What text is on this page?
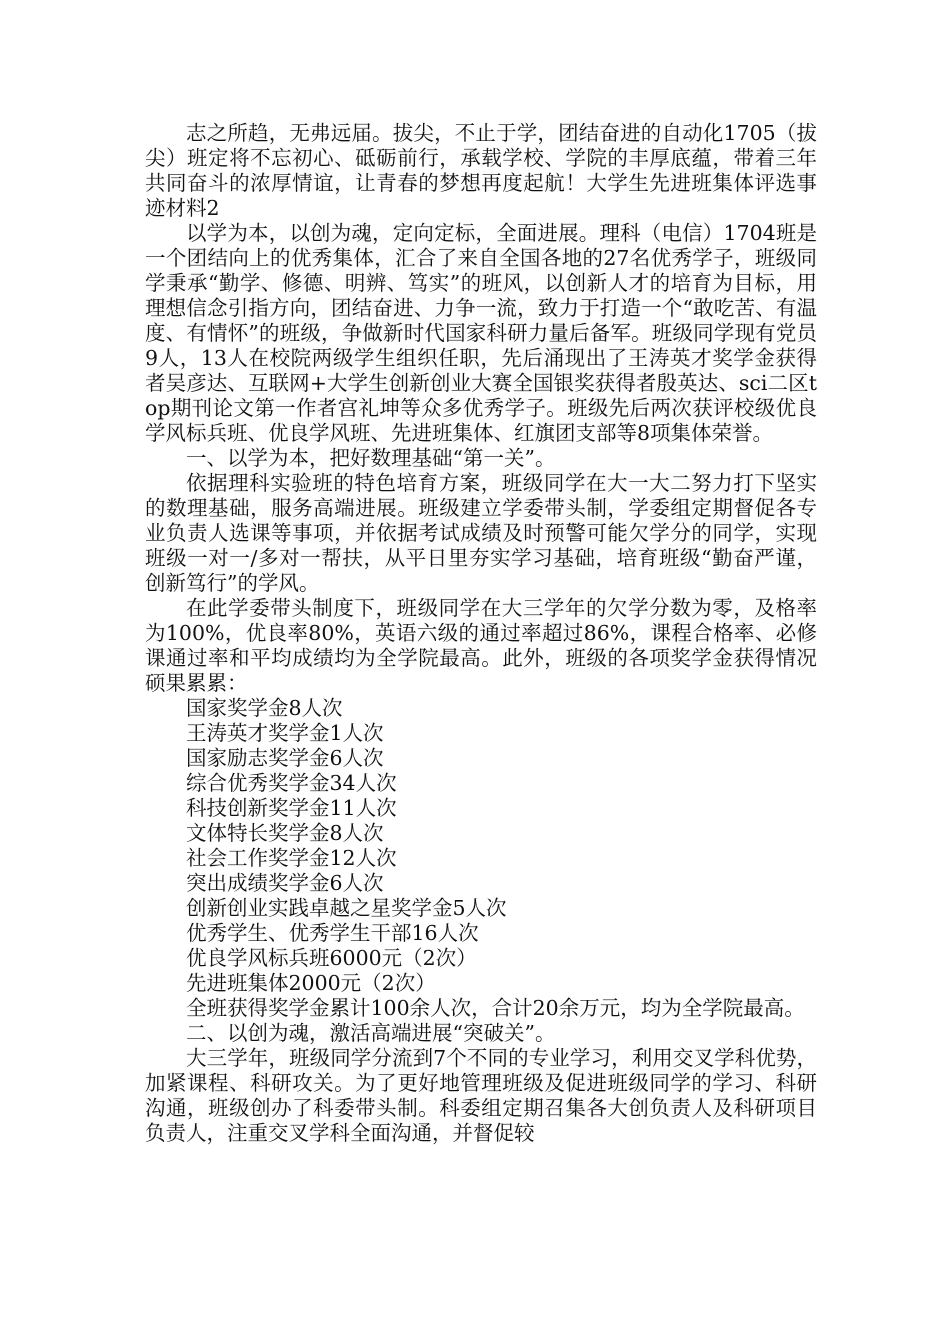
志之所趋，无弗远届。拔尖，不止于学，团结奋进的自动化1705（拔尖）班定将不忘初心、砥砺前行，承载学校、学院的丰厚底蕴，带着三年共同奋斗的浓厚情谊，让青春的梦想再度起航！大学生先进班集体评选事迹材料2

以学为本，以创为魂，定向定标，全面进展。理科（电信）1704班是一个团结向上的优秀集体，汇合了来自全国各地的27名优秀学子，班级同学秉承“勤学、修德、明辨、笃实”的班风，以创新人才的培育为目标，用理想信念引指方向，团结奋进、力争一流，致力于打造一个“敢吃苦、有温度、有情怀”的班级，争做新时代国家科研力量后备军。班级同学现有党员9人，13人在校院两级学生组织任职，先后涌现出了王涛英才奖学金获得者吴彦达、互联网+大学生创新创业大赛全国银奖获得者殷英达、sci二区top期刊论文第一作者宫礼坤等众多优秀学子。班级先后两次获评校级优良学风标兵班、优良学风班、先进班集体、红旗团支部等8项集体荣誉。

一、以学为本，把好数理基础“第一关”。

依据理科实验班的特色培育方案，班级同学在大一大二努力打下坚实的数理基础，服务高端进展。班级建立学委带头制，学委组定期督促各专业负责人选课等事项，并依据考试成绩及时预警可能欠学分的同学，实现班级一对一/多对一帮扶，从平日里夯实学习基础，培育班级“勤奋严谨，创新笃行”的学风。

在此学委带头制度下，班级同学在大三学年的欠学分数为零，及格率为100%，优良率80%，英语六级的通过率超过86%，课程合格率、必修课通过率和平均成绩均为全学院最高。此外，班级的各项奖学金获得情况硕果累累：

国家奖学金8人次

王涛英才奖学金1人次

国家励志奖学金6人次

综合优秀奖学金34人次

科技创新奖学金11人次

文体特长奖学金8人次

社会工作奖学金12人次

突出成绩奖学金6人次

创新创业实践卓越之星奖学金5人次

优秀学生、优秀学生干部16人次

优良学风标兵班6000元（2次）

先进班集体2000元（2次）

全班获得奖学金累计100余人次，合计20余万元，均为全学院最高。

二、以创为魂，激活高端进展“突破关”。

大三学年，班级同学分流到7个不同的专业学习，利用交叉学科优势，加紧课程、科研攻关。为了更好地管理班级及促进班级同学的学习、科研沟通，班级创办了科委带头制。科委组定期召集各大创负责人及科研项目负责人，注重交叉学科全面沟通，并督促较
